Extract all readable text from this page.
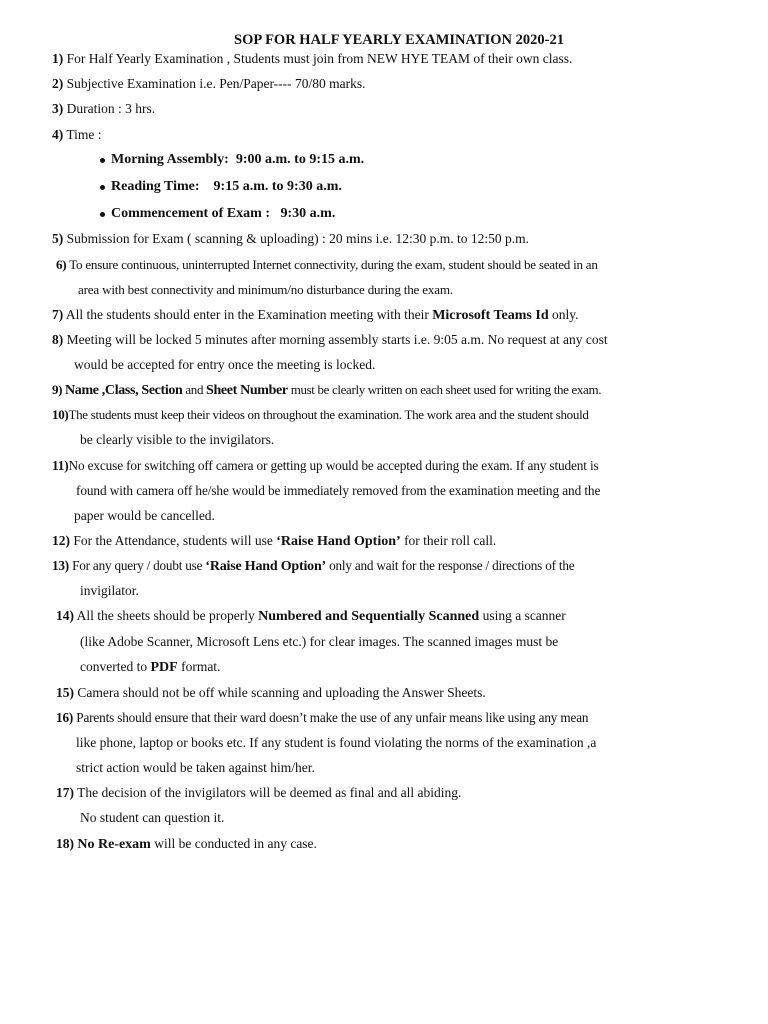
SOP FOR HALF YEARLY EXAMINATION 2020-21
1) For Half Yearly Examination , Students must join from NEW HYE TEAM of their own class.
2) Subjective Examination i.e. Pen/Paper---- 70/80 marks.
3) Duration : 3 hrs.
4) Time :
Morning Assembly: 9:00 a.m. to 9:15 a.m.
Reading Time: 9:15 a.m. to 9:30 a.m.
Commencement of Exam : 9:30 a.m.
5) Submission for Exam ( scanning & uploading) : 20 mins i.e. 12:30 p.m. to 12:50 p.m.
6) To ensure continuous, uninterrupted Internet connectivity, during the exam, student should be seated in an
area with best connectivity and minimum/no disturbance during the exam.
7) All the students should enter in the Examination meeting with their Microsoft Teams Id only.
8) Meeting will be locked 5 minutes after morning assembly starts i.e. 9:05 a.m. No request at any cost
would be accepted for entry once the meeting is locked.
9) Name ,Class, Section and Sheet Number must be clearly written on each sheet used for writing the exam.
10)The students must keep their videos on throughout the examination. The work area and the student should
be clearly visible to the invigilators.
11)No excuse for switching off camera or getting up would be accepted during the exam. If any student is
found with camera off he/she would be immediately removed from the examination meeting and the
paper would be cancelled.
12) For the Attendance, students will use ‘Raise Hand Option’ for their roll call.
13) For any query / doubt use ‘Raise Hand Option’ only and wait for the response / directions of the
invigilator.
14) All the sheets should be properly Numbered and Sequentially Scanned using a scanner
(like Adobe Scanner, Microsoft Lens etc.) for clear images. The scanned images must be
converted to PDF format.
15) Camera should not be off while scanning and uploading the Answer Sheets.
16) Parents should ensure that their ward doesn’t make the use of any unfair means like using any mean
like phone, laptop or books etc. If any student is found violating the norms of the examination ,a
strict action would be taken against him/her.
17) The decision of the invigilators will be deemed as final and all abiding.
No student can question it.
18) No Re-exam will be conducted in any case.
